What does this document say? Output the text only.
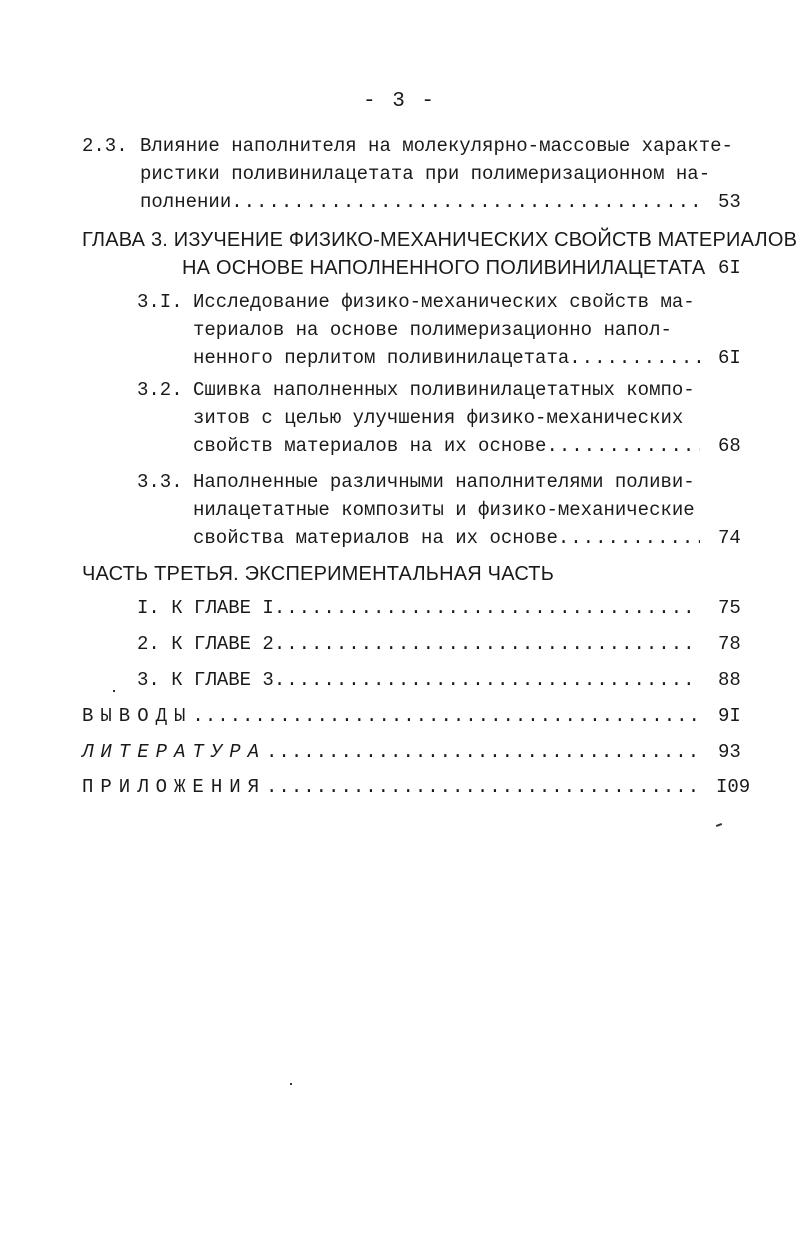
- 3 -
2.3. Влияние наполнителя на молекулярно-массовые характе-
ристики поливинилацетата при полимеризационном на-
полнении .....	53
ГЛАВА 3. ИЗУЧЕНИЕ ФИЗИКО-МЕХАНИЧЕСКИХ СВОЙСТВ МАТЕРИАЛОВ
НА ОСНОВЕ НАПОЛНЕННОГО ПОЛИВИНИЛАЦЕТАТА 6I
3.I. Исследование физико-механических свойств ма-
териалов на основе полимеризационно напол-
ненного перлитом поливинилацетата .....	6I
3.2. Сшивка наполненных поливинилацетатных компо-
зитов с целью улучшения физико-механических
свойств материалов на их основе .....	68
3.3. Наполненные различными наполнителями поливи-
нилацетатные композиты и физико-механические
свойства материалов на их основе .....	74
ЧАСТЬ ТРЕТЬЯ. ЭКСПЕРИМЕНТАЛЬНАЯ ЧАСТЬ
I. К ГЛАВЕ I .....	75
2. К ГЛАВЕ 2 .....	78
3. К ГЛАВЕ 3 .....	88
ВЫВОДЫ .....	9I
ЛИТЕРАТУРА .....	93
ПРИЛОЖЕНИЯ .....	I09
